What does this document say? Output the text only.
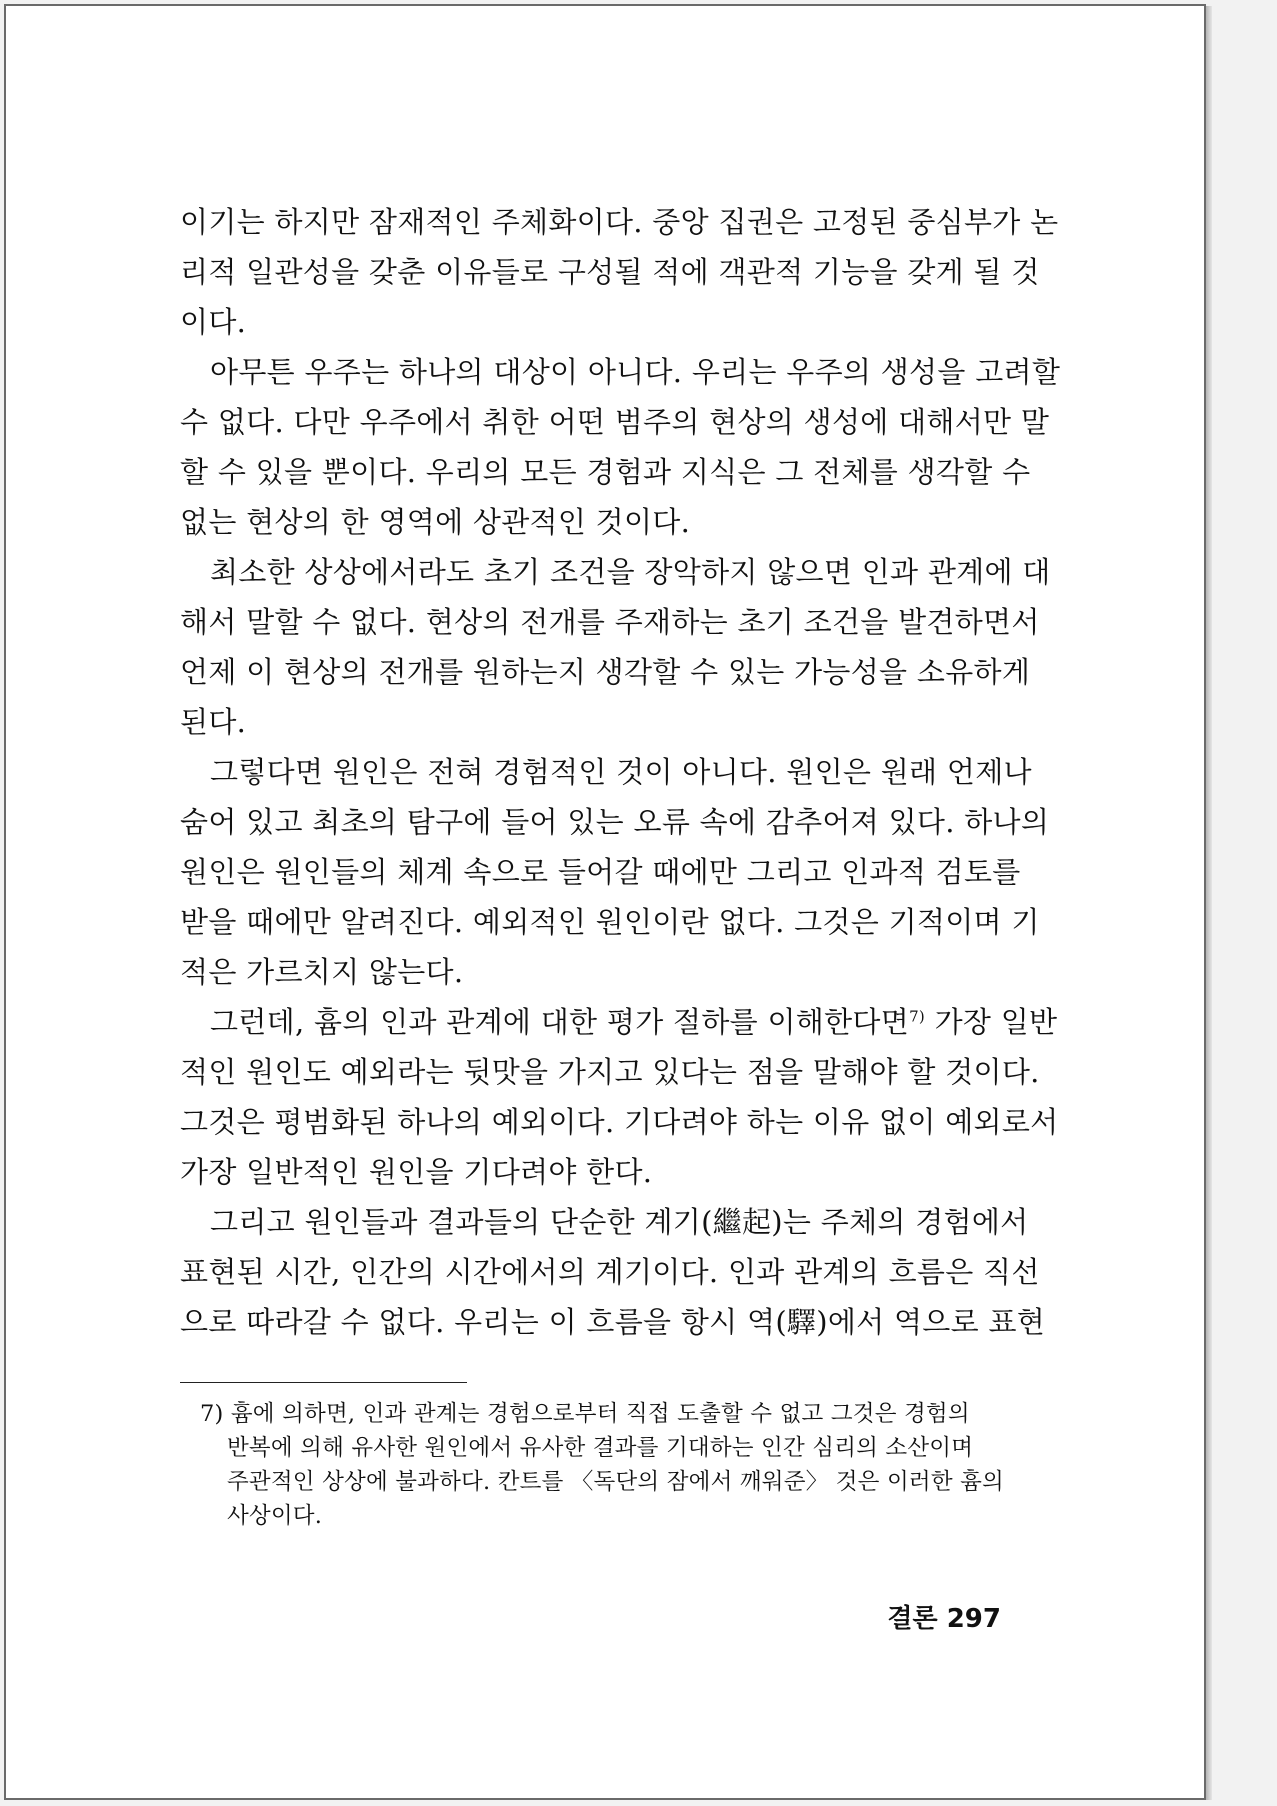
이기는 하지만 잠재적인 주체화이다. 중앙 집권은 고정된 중심부가 논
리적 일관성을 갖춘 이유들로 구성될 적에 객관적 기능을 갖게 될 것
이다.
아무튼 우주는 하나의 대상이 아니다. 우리는 우주의 생성을 고려할
수 없다. 다만 우주에서 취한 어떤 범주의 현상의 생성에 대해서만 말
할 수 있을 뿐이다. 우리의 모든 경험과 지식은 그 전체를 생각할 수
없는 현상의 한 영역에 상관적인 것이다.
최소한 상상에서라도 초기 조건을 장악하지 않으면 인과 관계에 대
해서 말할 수 없다. 현상의 전개를 주재하는 초기 조건을 발견하면서
언제 이 현상의 전개를 원하는지 생각할 수 있는 가능성을 소유하게
된다.
그렇다면 원인은 전혀 경험적인 것이 아니다. 원인은 원래 언제나
숨어 있고 최초의 탐구에 들어 있는 오류 속에 감추어져 있다. 하나의
원인은 원인들의 체계 속으로 들어갈 때에만 그리고 인과적 검토를
받을 때에만 알려진다. 예외적인 원인이란 없다. 그것은 기적이며 기
적은 가르치지 않는다.
그런데, 흄의 인과 관계에 대한 평가 절하를 이해한다면$^{7)}$ 가장 일반
적인 원인도 예외라는 뒷맛을 가지고 있다는 점을 말해야 할 것이다.
그것은 평범화된 하나의 예외이다. 기다려야 하는 이유 없이 예외로서
가장 일반적인 원인을 기다려야 한다.
그리고 원인들과 결과들의 단순한 계기(繼起)는 주체의 경험에서
표현된 시간, 인간의 시간에서의 계기이다. 인과 관계의 흐름은 직선
으로 따라갈 수 없다. 우리는 이 흐름을 항시 역(驛)에서 역으로 표현
7) 흄에 의하면, 인과 관계는 경험으로부터 직접 도출할 수 없고 그것은 경험의
반복에 의해 유사한 원인에서 유사한 결과를 기대하는 인간 심리의 소산이며
주관적인 상상에 불과하다. 칸트를 〈독단의 잠에서 깨워준〉 것은 이러한 흄의
사상이다.
결론 297
